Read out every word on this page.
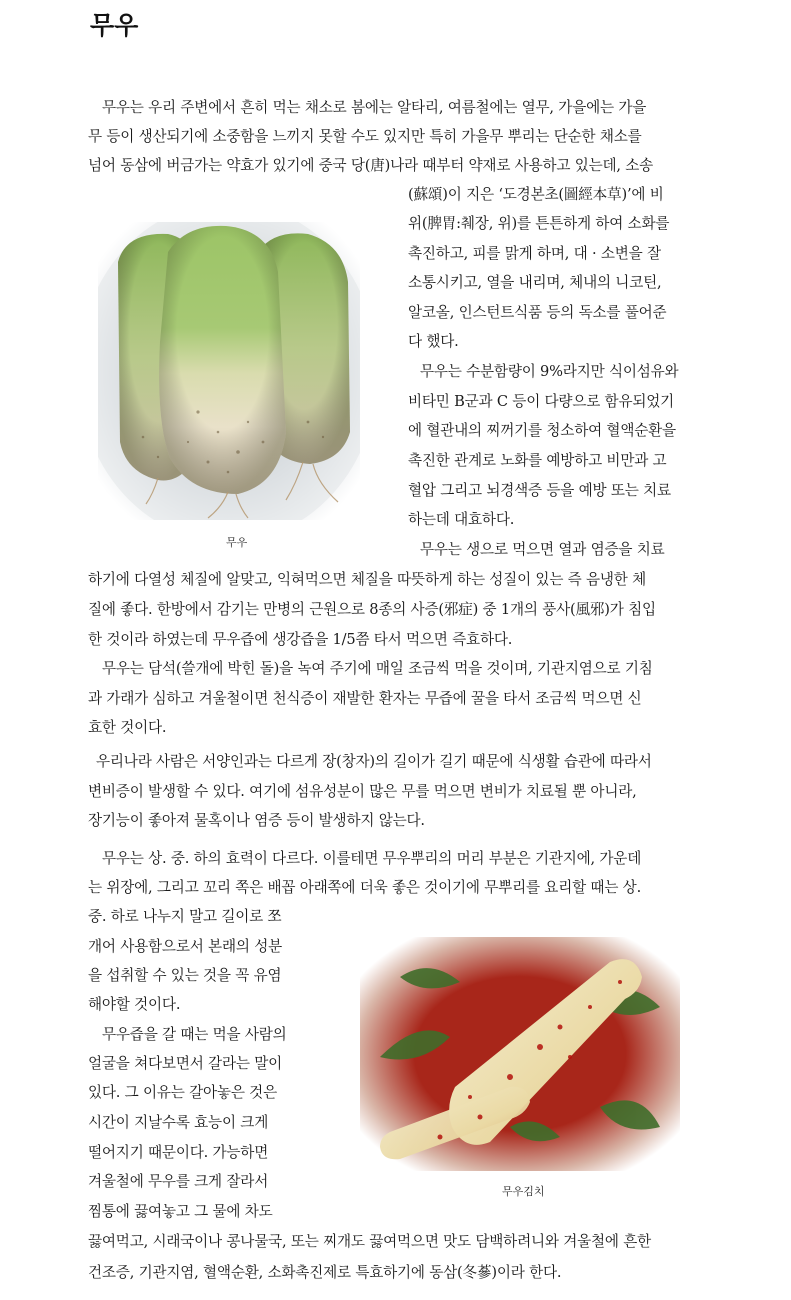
무우
무우
무우김치
무우는 우리 주변에서 흔히 먹는 채소로 봄에는 알타리, 여름철에는 열무, 가을에는 가을
무 등이 생산되기에 소중함을 느끼지 못할 수도 있지만 특히 가을무 뿌리는 단순한 채소를
넘어 동삼에 버금가는 약효가 있기에 중국 당(唐)나라 때부터 약재로 사용하고 있는데, 소송
(蘇頌)이 지은 ‘도경본초(圖經本草)’에 비
위(脾胃:췌장, 위)를 튼튼하게 하여 소화를
촉진하고, 피를 맑게 하며, 대 · 소변을 잘
소통시키고, 열을 내리며, 체내의 니코틴,
알코올, 인스턴트식품 등의 독소를 풀어준
다 했다.
무우는 수분함량이 9%라지만 식이섬유와
비타민 B군과 C 등이 다량으로 함유되었기
에 혈관내의 찌꺼기를 청소하여 혈액순환을
촉진한 관계로 노화를 예방하고 비만과 고
혈압 그리고 뇌경색증 등을 예방 또는 치료
하는데 대효하다.
무우는 생으로 먹으면 열과 염증을 치료
하기에 다열성 체질에 알맞고, 익혀먹으면 체질을 따뜻하게 하는 성질이 있는 즉 음냉한 체
질에 좋다. 한방에서 감기는 만병의 근원으로 8종의 사증(邪症) 중 1개의 풍사(風邪)가 침입
한 것이라 하였는데 무우즙에 생강즙을 1/5쯤 타서 먹으면 즉효하다.
무우는 담석(쓸개에 박힌 돌)을 녹여 주기에 매일 조금씩 먹을 것이며, 기관지염으로 기침
과 가래가 심하고 겨울철이면 천식증이 재발한 환자는 무즙에 꿀을 타서 조금씩 먹으면 신
효한 것이다.
우리나라 사람은 서양인과는 다르게 장(창자)의 길이가 길기 때문에 식생활 습관에 따라서
변비증이 발생할 수 있다. 여기에 섬유성분이 많은 무를 먹으면 변비가 치료될 뿐 아니라,
장기능이 좋아져 물혹이나 염증 등이 발생하지 않는다.
무우는 상. 중. 하의 효력이 다르다. 이를테면 무우뿌리의 머리 부분은 기관지에, 가운데
는 위장에, 그리고 꼬리 쪽은 배꼽 아래쪽에 더욱 좋은 것이기에 무뿌리를 요리할 때는 상.
중. 하로 나누지 말고 길이로 쪼
개어 사용함으로서 본래의 성분
을 섭취할 수 있는 것을 꼭 유염
해야할 것이다.
무우즙을 갈 때는 먹을 사람의
얼굴을 쳐다보면서 갈라는 말이
있다. 그 이유는 갈아놓은 것은
시간이 지날수록 효능이 크게
떨어지기 때문이다. 가능하면
겨울철에 무우를 크게 잘라서
찜통에 끓여놓고 그 물에 차도
끓여먹고, 시래국이나 콩나물국, 또는 찌개도 끓여먹으면 맛도 담백하려니와 겨울철에 흔한
건조증, 기관지염, 혈액순환, 소화촉진제로 특효하기에 동삼(冬蔘)이라 한다.
